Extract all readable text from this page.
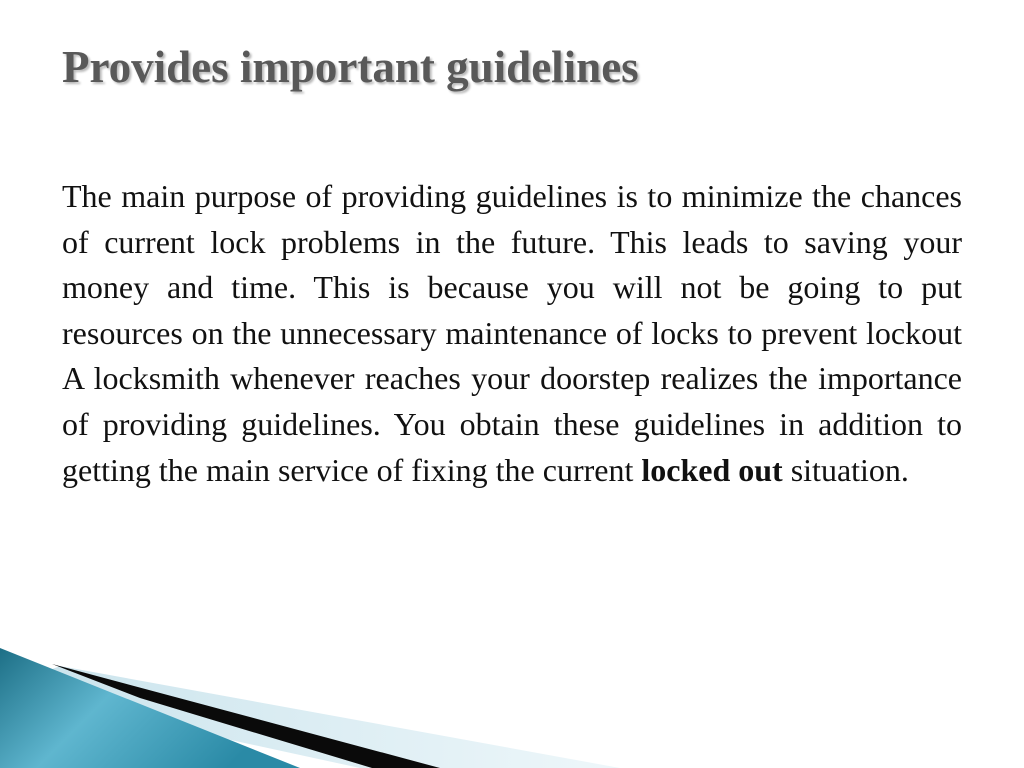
Provides important guidelines

The main purpose of providing guidelines is to minimize the chances of current lock problems in the future. This leads to saving your money and time. This is because you will not be going to put resources on the unnecessary maintenance of locks to prevent lockout A locksmith whenever reaches your doorstep realizes the importance of providing guidelines. You obtain these guidelines in addition to getting the main service of fixing the current locked out situation.
